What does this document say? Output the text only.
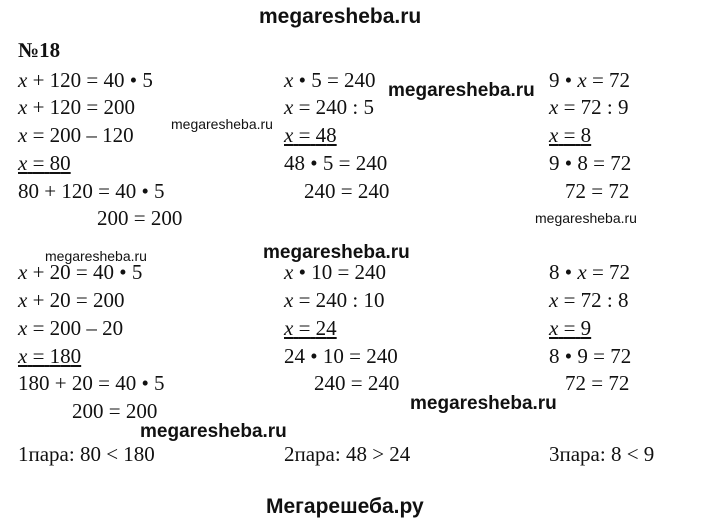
megaresheba.ru
megaresheba.ru
megaresheba.ru
megaresheba.ru
megaresheba.ru	megaresheba.ru
megaresheba.ru
megaresheba.ru
Мегарешеба.ру
№18
x + 120 = 40 • 5
x + 120 = 200
x = 200 – 120
x = 80
80 + 120 = 40 • 5
200 = 200
x • 5 = 240
x = 240 : 5
x = 48
48 • 5 = 240
240 = 240
9 • x = 72
x = 72 : 9
x = 8
9 • 8 = 72
72 = 72
x + 20 = 40 • 5
x + 20 = 200
x = 200 – 20
x = 180
180 + 20 = 40 • 5
200 = 200
x • 10 = 240
x = 240 : 10
x = 24
24 • 10 = 240
240 = 240
8 • x = 72
x = 72 : 8
x = 9
8 • 9 = 72
72 = 72
1пара: 80 < 180	2пара: 48 > 24	3пара: 8 < 9
